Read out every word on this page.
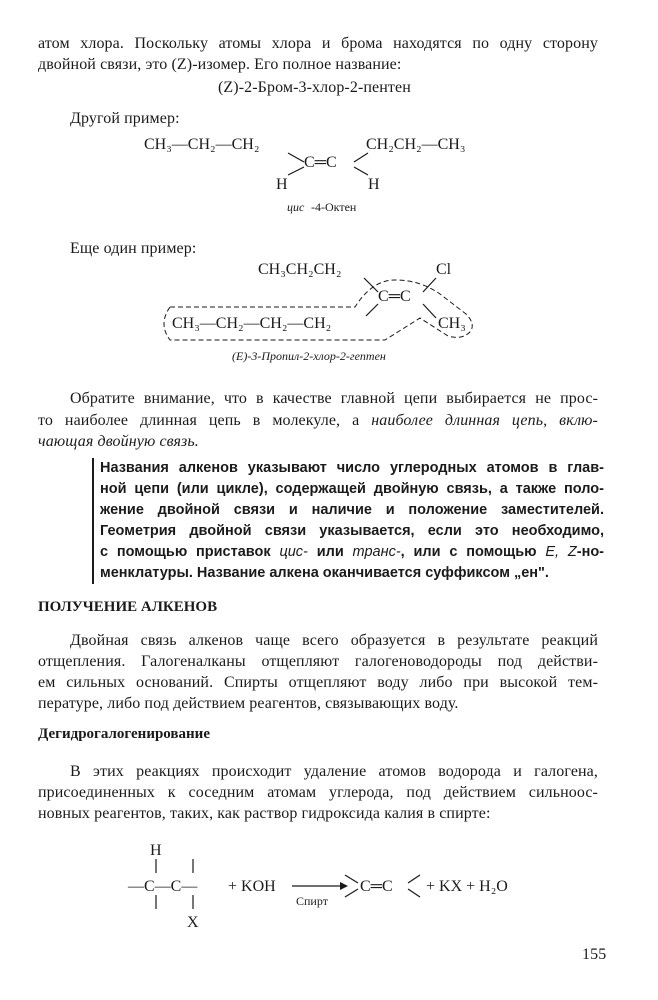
атом хлора. Поскольку атомы хлора и брома находятся по одну сторону
двойной связи, это (Z)-изомер. Его полное название:
(Z)-2-Бром-3-хлор-2-пентен
Другой пример:
CH₃—CH₂—CH₂	CH₂CH₂—CH₃
C═C
H	H
цис -4-Октен
Еще один пример:
CH₃CH₂CH₂	Cl
C═C
CH₃—CH₂—CH₂—CH₂	CH₃
(E)-3-Пропил-2-хлор-2-гептен
Обратите внимание, что в качестве главной цепи выбирается не прос-
то наиболее длинная цепь в молекуле, а наиболее длинная цепь, вклю-
чающая двойную связь.
Названия алкенов указывают число углеродных атомов в глав-
ной цепи (или цикле), содержащей двойную связь, а также поло-
жение двойной связи и наличие и положение заместителей.
Геометрия двойной связи указывается, если это необходимо,
с помощью приставок цис- или транс-, или с помощью E, Z-но-
менклатуры. Название алкена оканчивается суффиксом „ен".
ПОЛУЧЕНИЕ АЛКЕНОВ
Двойная связь алкенов чаще всего образуется в результате реакций
отщепления. Галогеналканы отщепляют галогеноводороды под действи-
ем сильных оснований. Спирты отщепляют воду либо при высокой тем-
пературе, либо под действием реагентов, связывающих воду.
Дегидрогалогенирование
В этих реакциях происходит удаление атомов водорода и галогена,
присоединенных к соседним атомам углерода, под действием сильноос-
новных реагентов, таких, как раствор гидроксида калия в спирте:
H
—C—C—
X
+ KOH
Спирт
C═C + KX + H₂O
155
